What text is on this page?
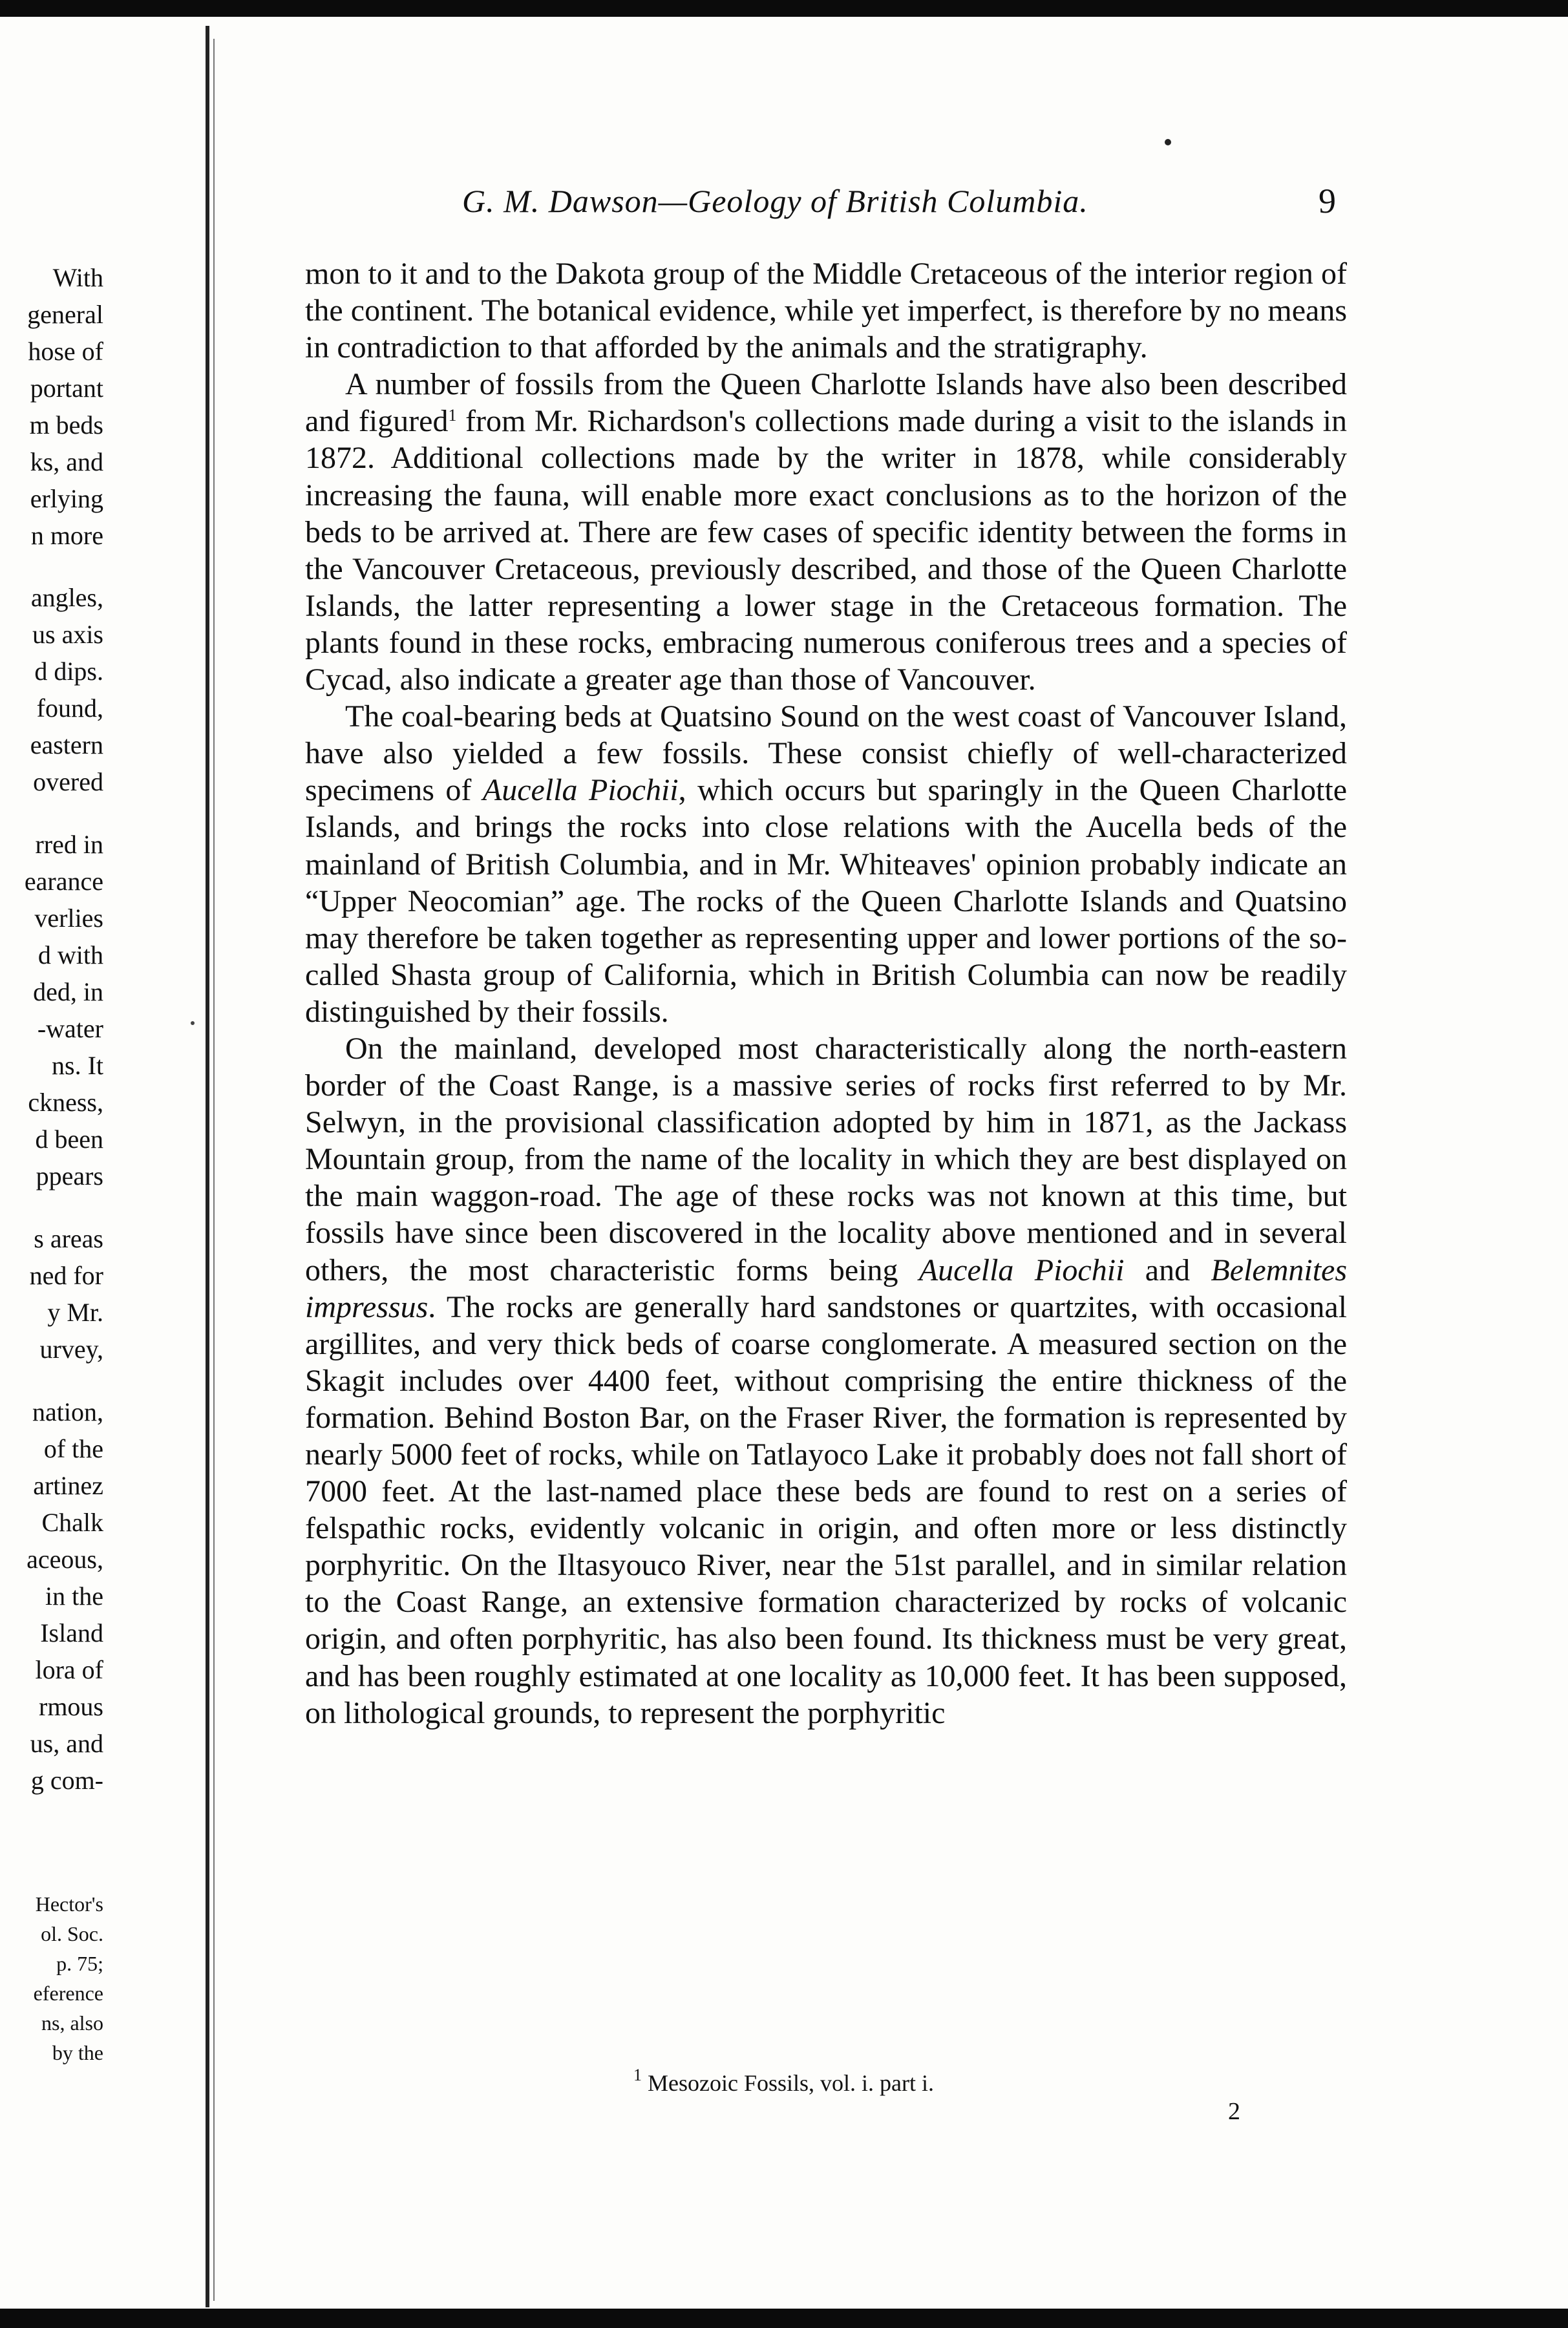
With
general
hose of
portant
m beds
ks, and
erlying
n more
angles,
us axis
d dips.
found,
eastern
overed
rred in
earance
verlies
d with
ded, in
-water
ns. It
ckness,
d been
ppears
s areas
ned for
y Mr.
urvey,
nation,
of the
artinez
Chalk
aceous,
in the
Island
lora of
rmous
us, and
g com-
Hector's
ol. Soc.
p. 75;
eference
ns, also
by the
G. M. Dawson—Geology of British Columbia.	9

mon to it and to the Dakota group of the Middle Cretaceous of the interior region of the continent. The botanical evidence, while yet imperfect, is therefore by no means in contradiction to that afforded by the animals and the stratigraphy.

A number of fossils from the Queen Charlotte Islands have also been described and figured$^1$ from Mr. Richardson's collections made during a visit to the islands in 1872. Additional collections made by the writer in 1878, while considerably increasing the fauna, will enable more exact conclusions as to the horizon of the beds to be arrived at. There are few cases of specific identity between the forms in the Vancouver Cretaceous, previously described, and those of the Queen Charlotte Islands, the latter representing a lower stage in the Cretaceous formation. The plants found in these rocks, embracing numerous coniferous trees and a species of Cycad, also indicate a greater age than those of Vancouver.

The coal-bearing beds at Quatsino Sound on the west coast of Vancouver Island, have also yielded a few fossils. These consist chiefly of well-characterized specimens of Aucella Piochii, which occurs but sparingly in the Queen Charlotte Islands, and brings the rocks into close relations with the Aucella beds of the mainland of British Columbia, and in Mr. Whiteaves' opinion probably indicate an “Upper Neocomian” age. The rocks of the Queen Charlotte Islands and Quatsino may therefore be taken together as representing upper and lower portions of the so-called Shasta group of California, which in British Columbia can now be readily distinguished by their fossils.

On the mainland, developed most characteristically along the north-eastern border of the Coast Range, is a massive series of rocks first referred to by Mr. Selwyn, in the provisional classification adopted by him in 1871, as the Jackass Mountain group, from the name of the locality in which they are best displayed on the main waggon-road. The age of these rocks was not known at this time, but fossils have since been discovered in the locality above mentioned and in several others, the most characteristic forms being Aucella Piochii and Belemnites impressus. The rocks are generally hard sandstones or quartzites, with occasional argillites, and very thick beds of coarse conglomerate. A measured section on the Skagit includes over 4400 feet, without comprising the entire thickness of the formation. Behind Boston Bar, on the Fraser River, the formation is represented by nearly 5000 feet of rocks, while on Tatlayoco Lake it probably does not fall short of 7000 feet. At the last-named place these beds are found to rest on a series of felspathic rocks, evidently volcanic in origin, and often more or less distinctly porphyritic. On the Iltasyouco River, near the 51st parallel, and in similar relation to the Coast Range, an extensive formation characterized by rocks of volcanic origin, and often porphyritic, has also been found. Its thickness must be very great, and has been roughly estimated at one locality as 10,000 feet. It has been supposed, on lithological grounds, to represent the porphyritic

$^1$ Mesozoic Fossils, vol. i. part i.
2
